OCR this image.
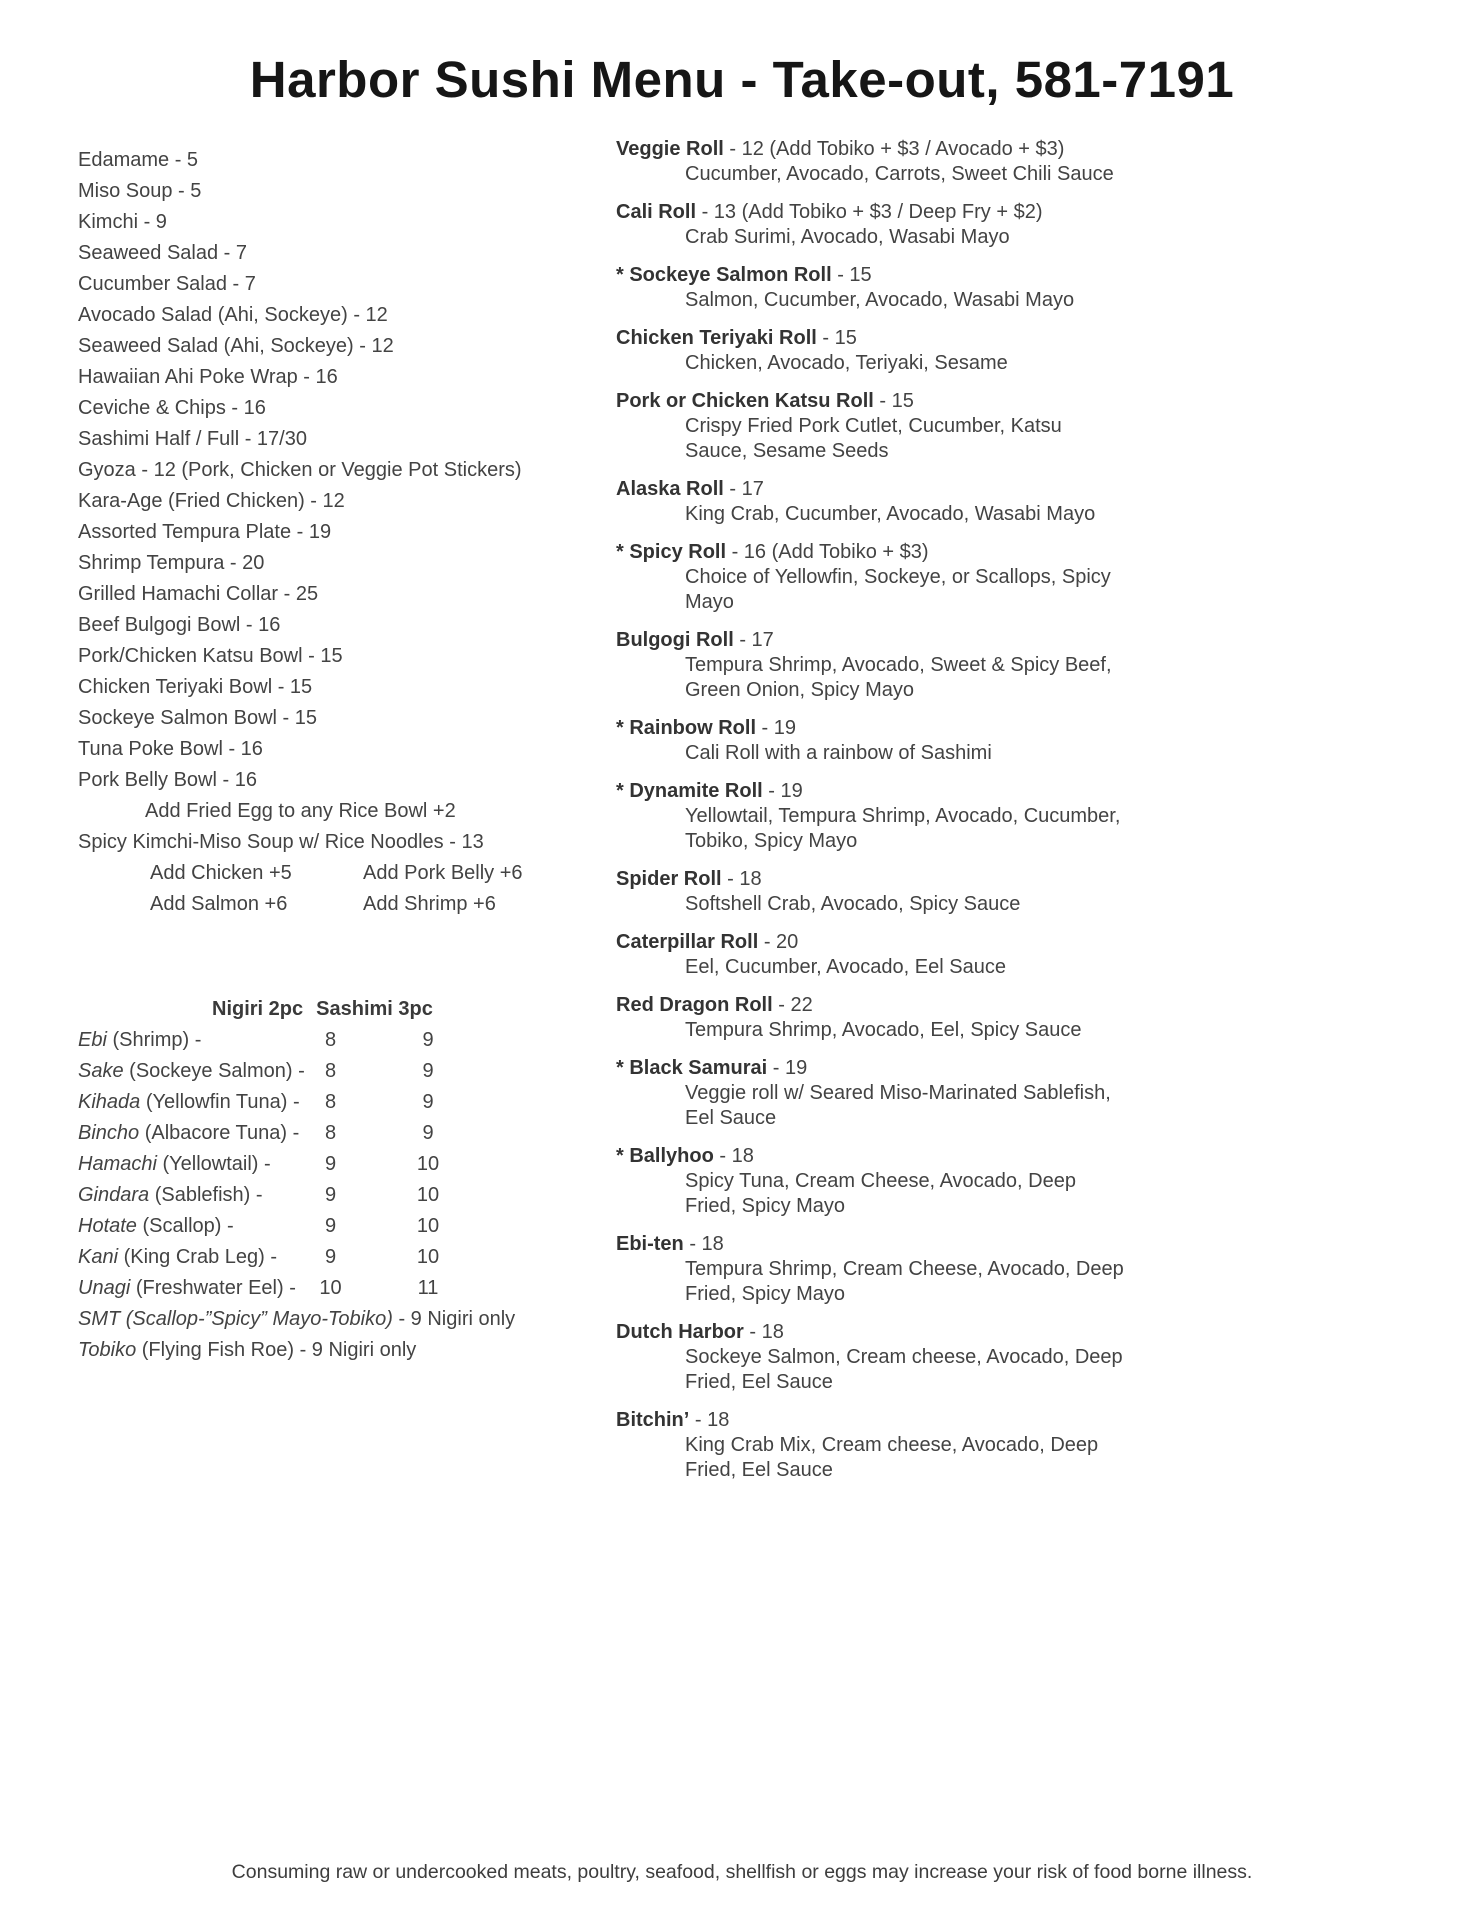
Harbor Sushi Menu - Take-out, 581-7191
Edamame - 5
Miso Soup - 5
Kimchi - 9
Seaweed Salad - 7
Cucumber Salad - 7
Avocado Salad (Ahi, Sockeye) - 12
Seaweed Salad (Ahi, Sockeye) - 12
Hawaiian Ahi Poke Wrap - 16
Ceviche & Chips - 16
Sashimi Half / Full - 17/30
Gyoza - 12 (Pork, Chicken or Veggie Pot Stickers)
Kara-Age (Fried Chicken) - 12
Assorted Tempura Plate - 19
Shrimp Tempura - 20
Grilled Hamachi Collar - 25
Beef Bulgogi Bowl - 16
Pork/Chicken Katsu Bowl - 15
Chicken Teriyaki Bowl - 15
Sockeye Salmon Bowl - 15
Tuna Poke Bowl - 16
Pork Belly Bowl - 16
Add Fried Egg to any Rice Bowl +2
Spicy Kimchi-Miso Soup w/ Rice Noodles - 13
Add Chicken +5	Add Pork Belly +6
Add Salmon +6	Add Shrimp +6
Nigiri 2pc Sashimi 3pc
Ebi (Shrimp) -	8	9
Sake (Sockeye Salmon) -	8	9
Kihada (Yellowfin Tuna) -	8	9
Bincho (Albacore Tuna) -	8	9
Hamachi (Yellowtail) -	9	10
Gindara (Sablefish) -	9	10
Hotate (Scallop) -	9	10
Kani (King Crab Leg) -	9	10
Unagi (Freshwater Eel) -	10	11
SMT (Scallop-”Spicy” Mayo-Tobiko) - 9 Nigiri only
Tobiko (Flying Fish Roe) - 9 Nigiri only
Veggie Roll - 12 (Add Tobiko + $3 / Avocado + $3)
Cucumber, Avocado, Carrots, Sweet Chili Sauce
Cali Roll - 13 (Add Tobiko + $3 / Deep Fry + $2)
Crab Surimi, Avocado, Wasabi Mayo
* Sockeye Salmon Roll - 15
Salmon, Cucumber, Avocado, Wasabi Mayo
Chicken Teriyaki Roll - 15
Chicken, Avocado, Teriyaki, Sesame
Pork or Chicken Katsu Roll - 15
Crispy Fried Pork Cutlet, Cucumber, Katsu Sauce, Sesame Seeds
Alaska Roll - 17
King Crab, Cucumber, Avocado, Wasabi Mayo
* Spicy Roll - 16 (Add Tobiko + $3)
Choice of Yellowfin, Sockeye, or Scallops, Spicy Mayo
Bulgogi Roll - 17
Tempura Shrimp, Avocado, Sweet & Spicy Beef, Green Onion, Spicy Mayo
* Rainbow Roll - 19
Cali Roll with a rainbow of Sashimi
* Dynamite Roll - 19
Yellowtail, Tempura Shrimp, Avocado, Cucumber, Tobiko, Spicy Mayo
Spider Roll - 18
Softshell Crab, Avocado, Spicy Sauce
Caterpillar Roll - 20
Eel, Cucumber, Avocado, Eel Sauce
Red Dragon Roll - 22
Tempura Shrimp, Avocado, Eel, Spicy Sauce
* Black Samurai - 19
Veggie roll w/ Seared Miso-Marinated Sablefish, Eel Sauce
* Ballyhoo - 18
Spicy Tuna, Cream Cheese, Avocado, Deep Fried, Spicy Mayo
Ebi-ten - 18
Tempura Shrimp, Cream Cheese, Avocado, Deep Fried, Spicy Mayo
Dutch Harbor - 18
Sockeye Salmon, Cream cheese, Avocado, Deep Fried, Eel Sauce
Bitchin’ - 18
King Crab Mix, Cream cheese, Avocado, Deep Fried, Eel Sauce
Consuming raw or undercooked meats, poultry, seafood, shellfish or eggs may increase your risk of food borne illness.
